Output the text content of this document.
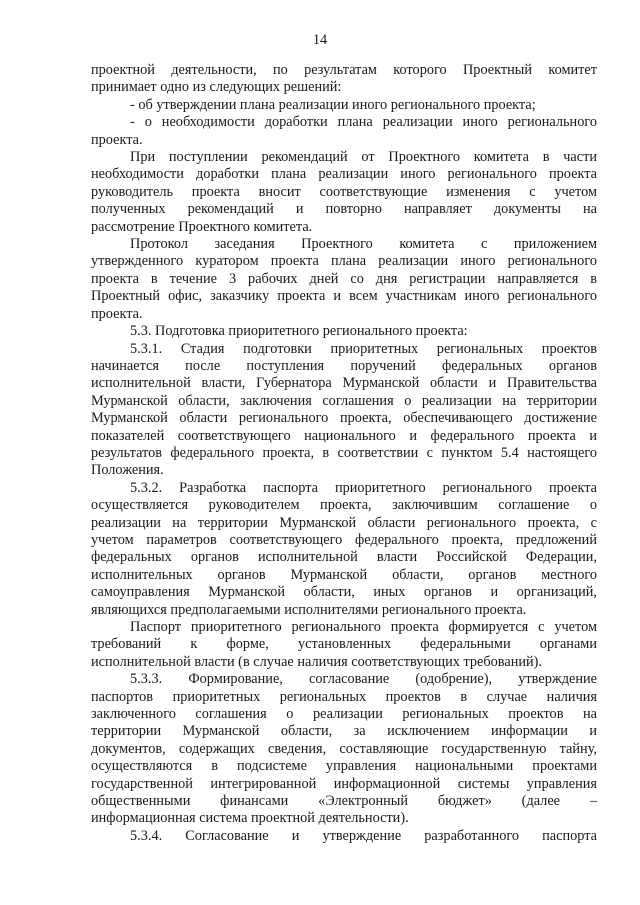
14

проектной деятельности, по результатам которого Проектный комитет

принимает одно из следующих решений:

- об утверждении плана реализации иного регионального проекта;

- о необходимости доработки плана реализации иного регионального

проекта.

При поступлении рекомендаций от Проектного комитета в части

необходимости доработки плана реализации иного регионального проекта

руководитель проекта вносит соответствующие изменения с учетом

полученных рекомендаций и повторно направляет документы на

рассмотрение Проектного комитета.

Протокол заседания Проектного комитета с приложением

утвержденного куратором проекта плана реализации иного регионального

проекта в течение 3 рабочих дней со дня регистрации направляется в

Проектный офис, заказчику проекта и всем участникам иного регионального

проекта.

5.3. Подготовка приоритетного регионального проекта:

5.3.1. Стадия подготовки приоритетных региональных проектов

начинается после поступления поручений федеральных органов

исполнительной власти, Губернатора Мурманской области и Правительства

Мурманской области, заключения соглашения о реализации на территории

Мурманской области регионального проекта, обеспечивающего достижение

показателей соответствующего национального и федерального проекта и

результатов федерального проекта, в соответствии с пунктом 5.4 настоящего

Положения.

5.3.2. Разработка паспорта приоритетного регионального проекта

осуществляется руководителем проекта, заключившим соглашение о

реализации на территории Мурманской области регионального проекта, с

учетом параметров соответствующего федерального проекта, предложений

федеральных органов исполнительной власти Российской Федерации,

исполнительных органов Мурманской области, органов местного

самоуправления Мурманской области, иных органов и организаций,

являющихся предполагаемыми исполнителями регионального проекта.

Паспорт приоритетного регионального проекта формируется с учетом

требований к форме, установленных федеральными органами

исполнительной власти (в случае наличия соответствующих требований).

5.3.3. Формирование, согласование (одобрение), утверждение

паспортов приоритетных региональных проектов в случае наличия

заключенного соглашения о реализации региональных проектов на

территории Мурманской области, за исключением информации и

документов, содержащих сведения, составляющие государственную тайну,

осуществляются в подсистеме управления национальными проектами

государственной интегрированной информационной системы управления

общественными финансами «Электронный бюджет» (далее –

информационная система проектной деятельности).

5.3.4. Согласование и утверждение разработанного паспорта
